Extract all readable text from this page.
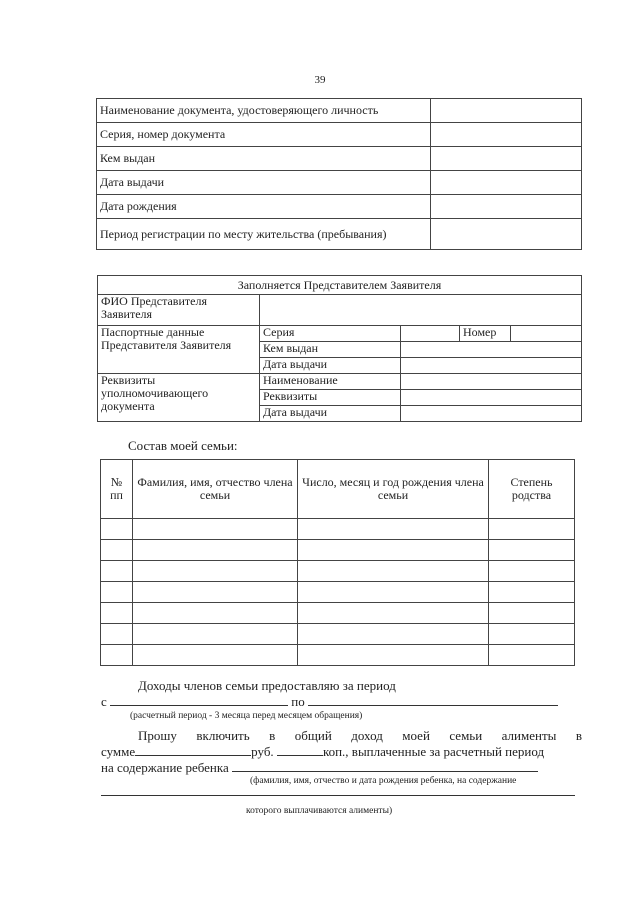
39
Наименование документа, удостоверяющего личность	
Серия, номер документа	
Кем выдан	
Дата выдачи	
Дата рождения	
Период регистрации по месту жительства (пребывания)	
Заполняется Представителем Заявителя				
ФИО Представителя Заявителя				
Паспортные данные Представителя Заявителя	Серия		Номер	
	Кем выдан			
	Дата выдачи			
Реквизиты уполномочивающего документа	Наименование			
	Реквизиты			
	Дата выдачи			
Состав моей семьи:
№ пп	Фамилия, имя, отчество члена семьи	Число, месяц и год рождения члена семьи	Степень родства

Доходы членов семьи предоставляю за период
с	по
(расчетный период - 3 месяца перед месяцем обращения)
Прошу включить в общий доход моей семьи алименты в
сумме	руб.	коп., выплаченные за расчетный период
на содержание ребенка
(фамилия, имя, отчество и дата рождения ребенка, на содержание
которого выплачиваются алименты)
